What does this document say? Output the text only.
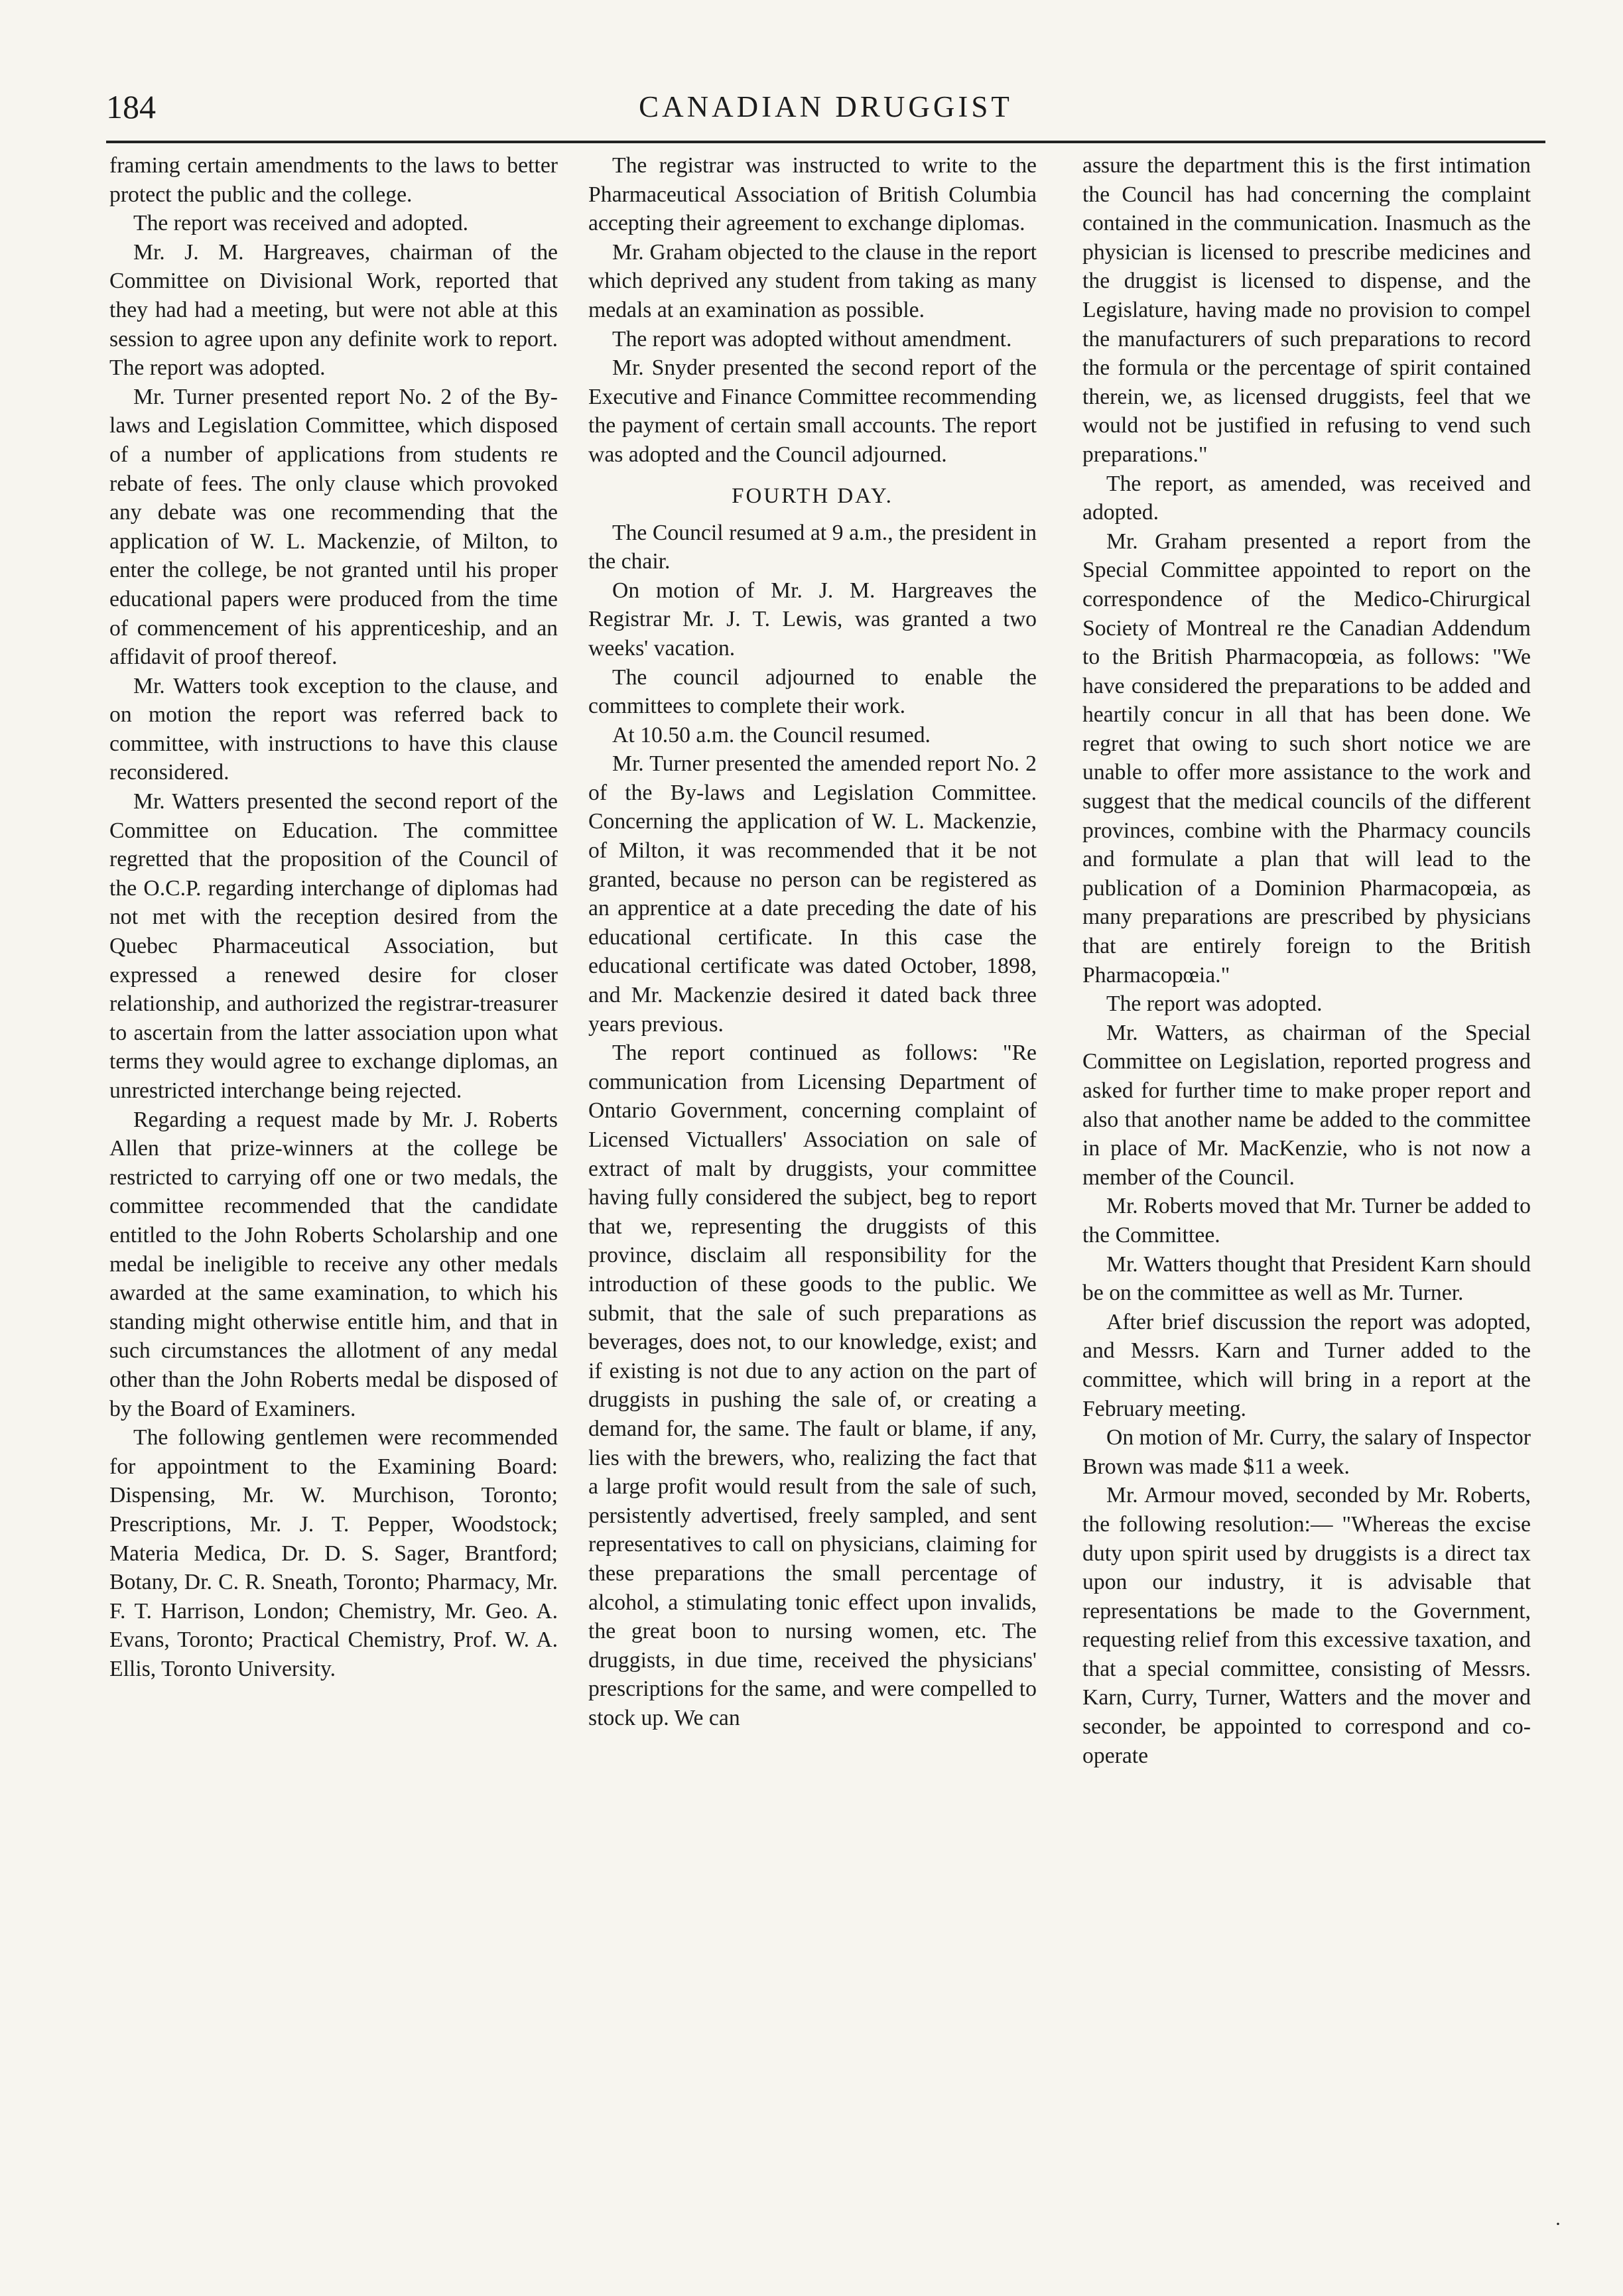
184	CANADIAN DRUGGIST

framing certain amendments to the laws to better protect the public and the college.

The report was received and adopted.

Mr. J. M. Hargreaves, chairman of the Committee on Divisional Work, reported that they had had a meeting, but were not able at this session to agree upon any definite work to report. The report was adopted.

Mr. Turner presented report No. 2 of the By-laws and Legislation Committee, which disposed of a number of applications from students re rebate of fees. The only clause which provoked any debate was one recommending that the application of W. L. Mackenzie, of Milton, to enter the college, be not granted until his proper educational papers were produced from the time of commencement of his apprenticeship, and an affidavit of proof thereof.

Mr. Watters took exception to the clause, and on motion the report was referred back to committee, with instructions to have this clause reconsidered.

Mr. Watters presented the second report of the Committee on Education. The committee regretted that the proposition of the Council of the O.C.P. regarding interchange of diplomas had not met with the reception desired from the Quebec Pharmaceutical Association, but expressed a renewed desire for closer relationship, and authorized the registrar-treasurer to ascertain from the latter association upon what terms they would agree to exchange diplomas, an unrestricted interchange being rejected.

Regarding a request made by Mr. J. Roberts Allen that prize-winners at the college be restricted to carrying off one or two medals, the committee recommended that the candidate entitled to the John Roberts Scholarship and one medal be ineligible to receive any other medals awarded at the same examination, to which his standing might otherwise entitle him, and that in such circumstances the allotment of any medal other than the John Roberts medal be disposed of by the Board of Examiners.

The following gentlemen were recommended for appointment to the Examining Board: Dispensing, Mr. W. Murchison, Toronto; Prescriptions, Mr. J. T. Pepper, Woodstock; Materia Medica, Dr. D. S. Sager, Brantford; Botany, Dr. C. R. Sneath, Toronto; Pharmacy, Mr. F. T. Harrison, London; Chemistry, Mr. Geo. A. Evans, Toronto; Practical Chemistry, Prof. W. A. Ellis, Toronto University.

The registrar was instructed to write to the Pharmaceutical Association of British Columbia accepting their agreement to exchange diplomas.

Mr. Graham objected to the clause in the report which deprived any student from taking as many medals at an examination as possible.

The report was adopted without amendment.

Mr. Snyder presented the second report of the Executive and Finance Committee recommending the payment of certain small accounts. The report was adopted and the Council adjourned.

FOURTH DAY.

The Council resumed at 9 a.m., the president in the chair.

On motion of Mr. J. M. Hargreaves the Registrar Mr. J. T. Lewis, was granted a two weeks' vacation.

The council adjourned to enable the committees to complete their work.

At 10.50 a.m. the Council resumed.

Mr. Turner presented the amended report No. 2 of the By-laws and Legislation Committee. Concerning the application of W. L. Mackenzie, of Milton, it was recommended that it be not granted, because no person can be registered as an apprentice at a date preceding the date of his educational certificate. In this case the educational certificate was dated October, 1898, and Mr. Mackenzie desired it dated back three years previous.

The report continued as follows: "Re communication from Licensing Department of Ontario Government, concerning complaint of Licensed Victuallers' Association on sale of extract of malt by druggists, your committee having fully considered the subject, beg to report that we, representing the druggists of this province, disclaim all responsibility for the introduction of these goods to the public. We submit, that the sale of such preparations as beverages, does not, to our knowledge, exist; and if existing is not due to any action on the part of druggists in pushing the sale of, or creating a demand for, the same. The fault or blame, if any, lies with the brewers, who, realizing the fact that a large profit would result from the sale of such, persistently advertised, freely sampled, and sent representatives to call on physicians, claiming for these preparations the small percentage of alcohol, a stimulating tonic effect upon invalids, the great boon to nursing women, etc. The druggists, in due time, received the physicians' prescriptions for the same, and were compelled to stock up. We can

assure the department this is the first intimation the Council has had concerning the complaint contained in the communication. Inasmuch as the physician is licensed to prescribe medicines and the druggist is licensed to dispense, and the Legislature, having made no provision to compel the manufacturers of such preparations to record the formula or the percentage of spirit contained therein, we, as licensed druggists, feel that we would not be justified in refusing to vend such preparations."

The report, as amended, was received and adopted.

Mr. Graham presented a report from the Special Committee appointed to report on the correspondence of the Medico-Chirurgical Society of Montreal re the Canadian Addendum to the British Pharmacopœia, as follows: "We have considered the preparations to be added and heartily concur in all that has been done. We regret that owing to such short notice we are unable to offer more assistance to the work and suggest that the medical councils of the different provinces, combine with the Pharmacy councils and formulate a plan that will lead to the publication of a Dominion Pharmacopœia, as many preparations are prescribed by physicians that are entirely foreign to the British Pharmacopœia."

The report was adopted.

Mr. Watters, as chairman of the Special Committee on Legislation, reported progress and asked for further time to make proper report and also that another name be added to the committee in place of Mr. MacKenzie, who is not now a member of the Council.

Mr. Roberts moved that Mr. Turner be added to the Committee.

Mr. Watters thought that President Karn should be on the committee as well as Mr. Turner.

After brief discussion the report was adopted, and Messrs. Karn and Turner added to the committee, which will bring in a report at the February meeting.

On motion of Mr. Curry, the salary of Inspector Brown was made $11 a week.

Mr. Armour moved, seconded by Mr. Roberts, the following resolution:— "Whereas the excise duty upon spirit used by druggists is a direct tax upon our industry, it is advisable that representations be made to the Government, requesting relief from this excessive taxation, and that a special committee, consisting of Messrs. Karn, Curry, Turner, Watters and the mover and seconder, be appointed to correspond and co-operate

·
